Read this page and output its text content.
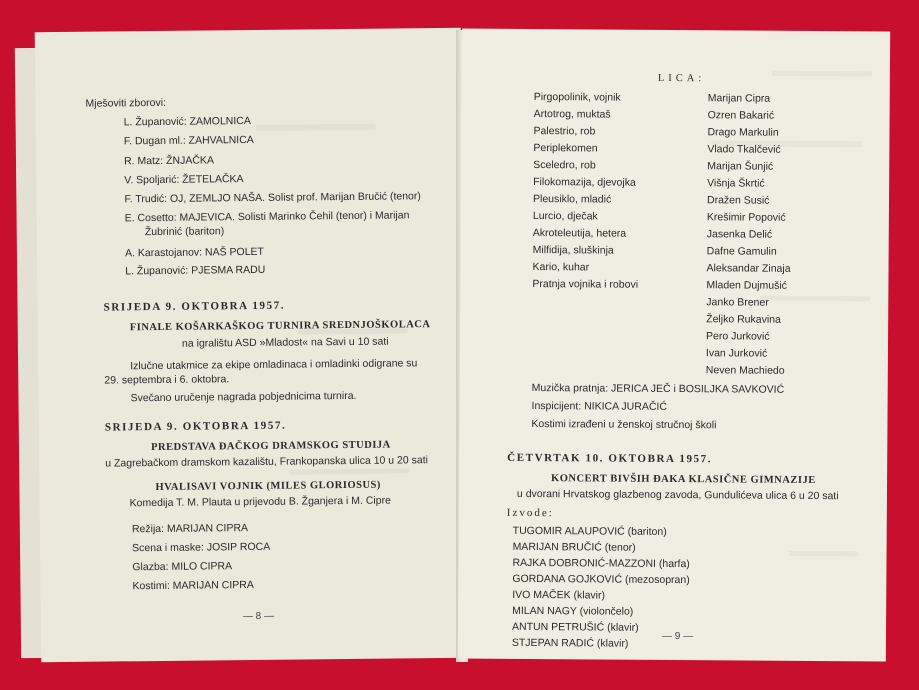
Mješoviti zborovi:
L. Županović: ZAMOLNICA
F. Dugan ml.: ZAHVALNICA
R. Matz: ŽNJAČKA
V. Spoljarić: ŽETELAČKA
F. Trudić: OJ, ZEMLJO NAŠA. Solist prof. Marijan Bručić (tenor)
E. Cosetto: MAJEVICA. Solisti Marinko Čehil (tenor) i Marijan
Žubrinić (bariton)
A. Karastojanov: NAŠ POLET
L. Županović: PJESMA RADU
SRIJEDA 9. OKTOBRA 1957.
FINALE KOŠARKAŠKOG TURNIRA SREDNJOŠKOLACA
na igralištu ASD »Mladost« na Savi u 10 sati
Izlučne utakmice za ekipe omladinaca i omladinki odigrane su
29. septembra i 6. oktobra.
Svečano uručenje nagrada pobjednicima turnira.
SRIJEDA 9. OKTOBRA 1957.
PREDSTAVA ĐAČKOG DRAMSKOG STUDIJA
u Zagrebačkom dramskom kazalištu, Frankopanska ulica 10 u 20 sati
HVALISAVI VOJNIK (MILES GLORIOSUS)
Komedija T. M. Plauta u prijevodu B. Žganjera i M. Cipre
Režija: MARIJAN CIPRA
Scena i maske: JOSIP ROCA
Glazba: MILO CIPRA
Kostimi: MARIJAN CIPRA
— 8 —
LICA:
Pirgopolinik, vojnik
Artotrog, muktaš
Palestrio, rob
Periplekomen
Sceledro, rob
Filokomazija, djevojka
Pleusiklo, mladić
Lurcio, dječak
Akroteleutija, hetera
Milfidija, sluškinja
Kario, kuhar
Pratnja vojnika i robovi
Marijan Cipra
Ozren Bakarić
Drago Markulin
Vlado Tkalčević
Marijan Šunjić
Višnja Škrtić
Dražen Susić
Krešimir Popović
Jasenka Delić
Dafne Gamulin
Aleksandar Zinaja
Mladen Dujmušić
Janko Brener
Željko Rukavina
Pero Jurković
Ivan Jurković
Neven Machiedo
Muzička pratnja: JERICA JEČ i BOSILJKA SAVKOVIĆ
Inspicijent: NIKICA JURAČIĆ
Kostimi izrađeni u ženskoj stručnoj školi
ČETVRTAK 10. OKTOBRA 1957.
KONCERT BIVŠIH ĐAKA KLASIČNE GIMNAZIJE
u dvorani Hrvatskog glazbenog zavoda, Gundulićeva ulica 6 u 20 sati
Izvode:
TUGOMIR ALAUPOVIĆ (bariton)
MARIJAN BRUČIĆ (tenor)
RAJKA DOBRONIĆ-MAZZONI (harfa)
GORDANA GOJKOVIĆ (mezosopran)
IVO MAČEK (klavir)
MILAN NAGY (violončelo)
ANTUN PETRUŠIĆ (klavir)
STJEPAN RADIĆ (klavir)
— 9 —
